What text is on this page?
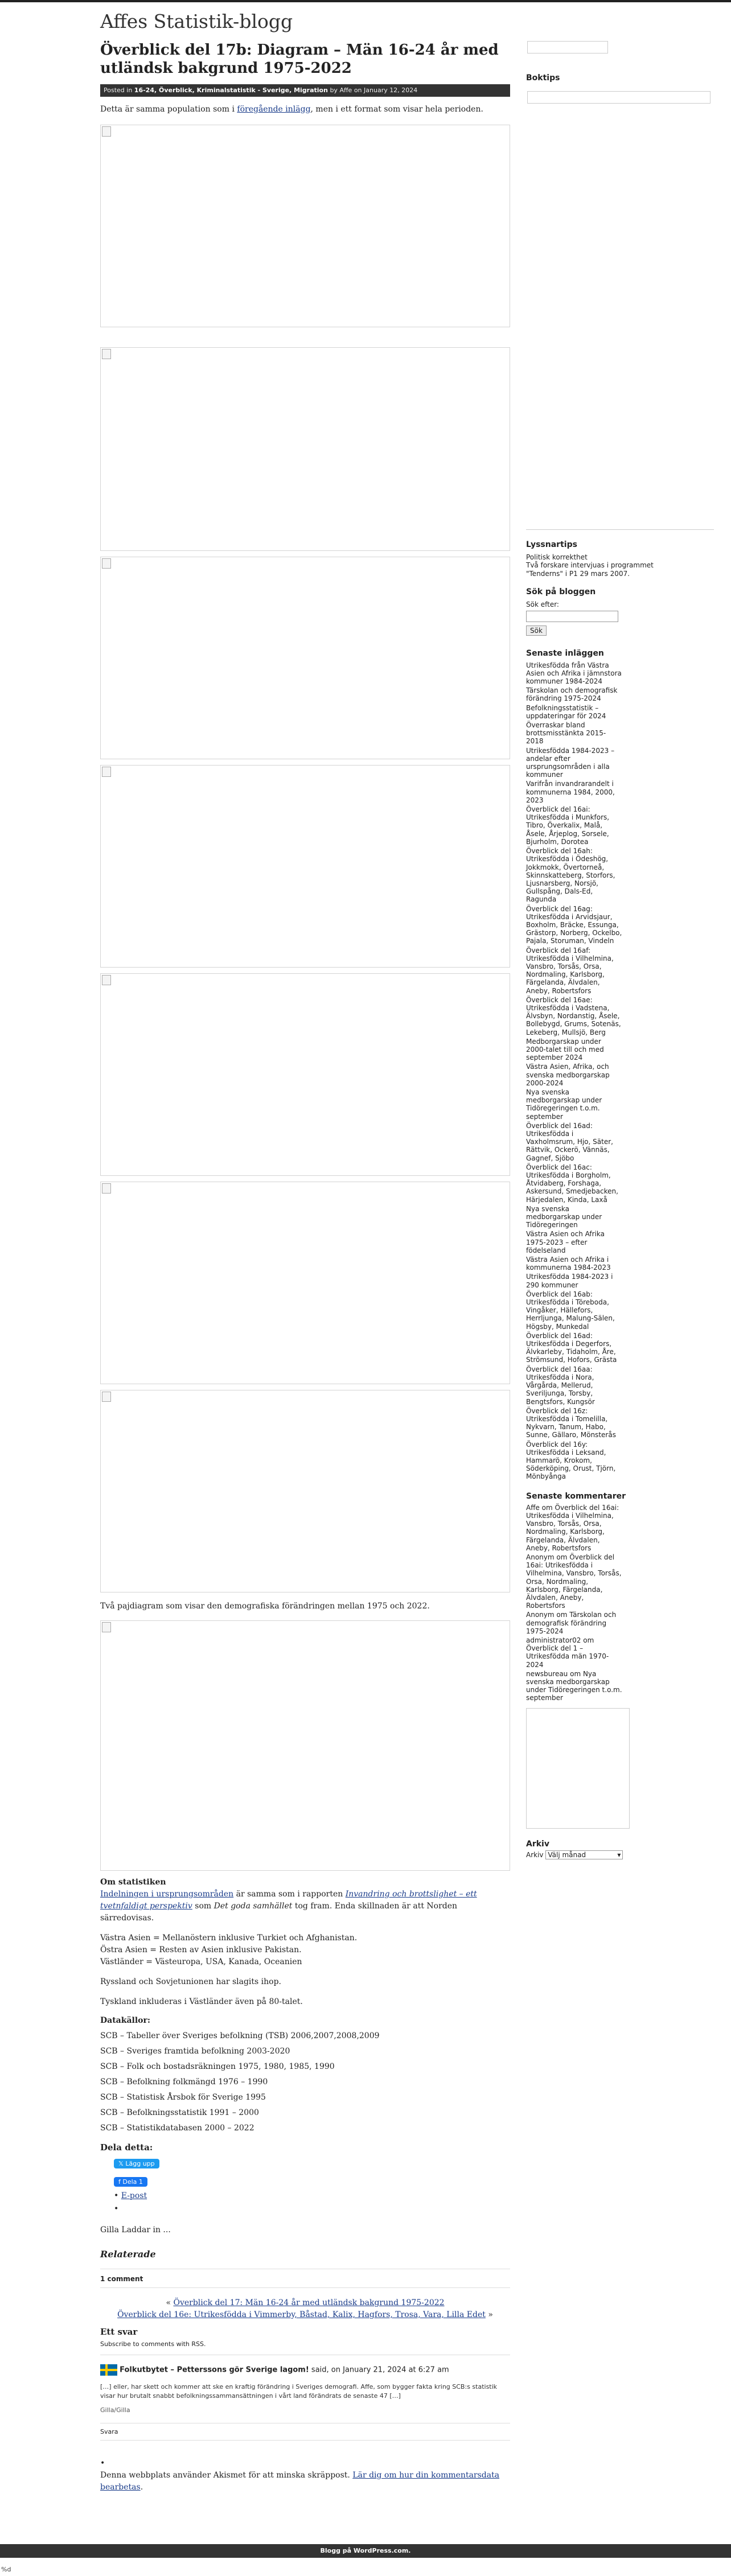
Affes Statistik-blogg
Överblick del 17b: Diagram – Män 16-24 år med utländsk bakgrund 1975-2022
Posted in 16-24, Överblick, Kriminalstatistik - Sverige, Migration by Affe on January 12, 2024

Detta är samma population som i föregående inlägg, men i ett format som visar hela perioden.

Två pajdiagram som visar den demografiska förändringen mellan 1975 och 2022.

Om statistiken

Indelningen i ursprungsområden är samma som i rapporten Invandring och brottslighet – ett tvetnfaldigt perspektiv som Det goda samhället tog fram. Enda skillnaden är att Norden särredovisas.

Västra Asien = Mellanöstern inklusive Turkiet och Afghanistan.

Östra Asien = Resten av Asien inklusive Pakistan.

Västländer = Västeuropa, USA, Kanada, Oceanien

Ryssland och Sovjetunionen har slagits ihop.

Tyskland inkluderas i Västländer även på 80-talet.

Datakällor:

SCB – Tabeller över Sveriges befolkning (TSB) 2006,2007,2008,2009

SCB – Sveriges framtida befolkning 2003-2020

SCB – Folk och bostadsräkningen 1975, 1980, 1985, 1990

SCB – Befolkning folkmängd 1976 – 1990

SCB – Statistisk Årsbok för Sverige 1995

SCB – Befolkningsstatistik 1991 – 2000

SCB – Statistikdatabasen 2000 – 2022

Dela detta:

𝕏 Lägg upp
f Dela 1
• E-post
•

Gilla Laddar in ...

Relaterade

1 comment

« Överblick del 17: Män 16-24 år med utländsk bakgrund 1975-2022
Överblick del 16e: Utrikesfödda i Vimmerby, Båstad, Kalix, Hagfors, Trosa, Vara, Lilla Edet »

Ett svar

Subscribe to comments with RSS.

Folkutbytet – Petterssons gör Sverige lagom! said, on January 21, 2024 at 6:27 am

[…] eller, har skett och kommer att ske en kraftig förändring i Sveriges demografi. Affe, som bygger fakta kring SCB:s statistik visar hur brutalt snabbt befolkningssammansättningen i vårt land förändrats de senaste 47 […]

Gilla/Gilla

Svara

•

Denna webbplats använder Akismet för att minska skräppost. Lär dig om hur din kommentarsdata bearbetas.

Boktips
Lyssnartips
Politisk korrekthet
Två forskare intervjuas i programmet "Tenderns" i P1 29 mars 2007.
Sök på bloggen
Sök efter:
Sök
Senaste inläggen
Utrikesfödda från Västra Asien och Afrika i jämnstora kommuner 1984-2024
Tärskolan och demografisk förändring 1975-2024
Befolkningsstatistik – uppdateringar för 2024
Överraskar bland brottsmisstänkta 2015-2018
Utrikesfödda 1984-2023 – andelar efter ursprungsområden i alla kommuner
Varifrån invandrarandelt i kommunerna 1984, 2000, 2023
Överblick del 16ai: Utrikesfödda i Munkfors, Tibro, Överkalix, Malå, Åsele, Årjeplog, Sorsele, Bjurholm, Dorotea
Överblick del 16ah: Utrikesfödda i Ödeshög, Jokkmokk, Övertorneå, Skinnskatteberg, Storfors, Ljusnarsberg, Norsjö, Gullspång, Dals-Ed, Ragunda
Överblick del 16ag: Utrikesfödda i Arvidsjaur, Boxholm, Bräcke, Essunga, Grästorp, Norberg, Ockelbo, Pajala, Storuman, Vindeln
Överblick del 16af: Utrikesfödda i Vilhelmina, Vansbro, Torsås, Orsa, Nordmaling, Karlsborg, Färgelanda, Älvdalen, Aneby, Robertsfors
Överblick del 16ae: Utrikesfödda i Vadstena, Älvsbyn, Nordanstig, Åsele, Bollebygd, Grums, Sotenäs, Lekeberg, Mullsjö, Berg
Medborgarskap under 2000-talet till och med september 2024
Västra Asien, Afrika, och svenska medborgarskap 2000-2024
Nya svenska medborgarskap under Tidöregeringen t.o.m. september
Överblick del 16ad: Utrikesfödda i Vaxholmsrum, Hjo, Säter, Rättvik, Ockerö, Vännäs, Gagnef, Sjöbo
Överblick del 16ac: Utrikesfödda i Borgholm, Åtvidaberg, Forshaga, Askersund, Smedjebacken, Härjedalen, Kinda, Laxå
Nya svenska medborgarskap under Tidöregeringen
Västra Asien och Afrika 1975-2023 – efter födelseland
Västra Asien och Afrika i kommunerna 1984-2023
Utrikesfödda 1984-2023 i 290 kommuner
Överblick del 16ab: Utrikesfödda i Töreboda, Vingåker, Hällefors, Herrljunga, Malung-Sälen, Högsby, Munkedal
Överblick del 16ad: Utrikesfödda i Degerfors, Älvkarleby, Tidaholm, Åre, Strömsund, Hofors, Grästa
Överblick del 16aa: Utrikesfödda i Nora, Vårgårda, Mellerud, Sveriljunga, Torsby, Bengtsfors, Kungsör
Överblick del 16z: Utrikesfödda i Tomelilla, Nykvarn, Tanum, Habo, Sunne, Gällaro, Mönsterås
Överblick del 16y: Utrikesfödda i Leksand, Hammarö, Krokom, Söderköping, Orust, Tjörn, Mönbyånga
Senaste kommentarer
Affe om Överblick del 16ai: Utrikesfödda i Vilhelmina, Vansbro, Torsås, Orsa, Nordmaling, Karlsborg, Färgelanda, Älvdalen, Aneby, Robertsfors
Anonym om Överblick del 16ai: Utrikesfödda i Vilhelmina, Vansbro, Torsås, Orsa, Nordmaling, Karlsborg, Färgelanda, Älvdalen, Aneby, Robertsfors
Anonym om Tärskolan och demografisk förändring 1975-2024
administrator02 om Överblick del 1 – Utrikesfödda män 1970-2024
newsbureau om Nya svenska medborgarskap under Tidöregeringen t.o.m. september
Arkiv
Arkiv Välj månad	▾
Blogg på WordPress.com.
%d
